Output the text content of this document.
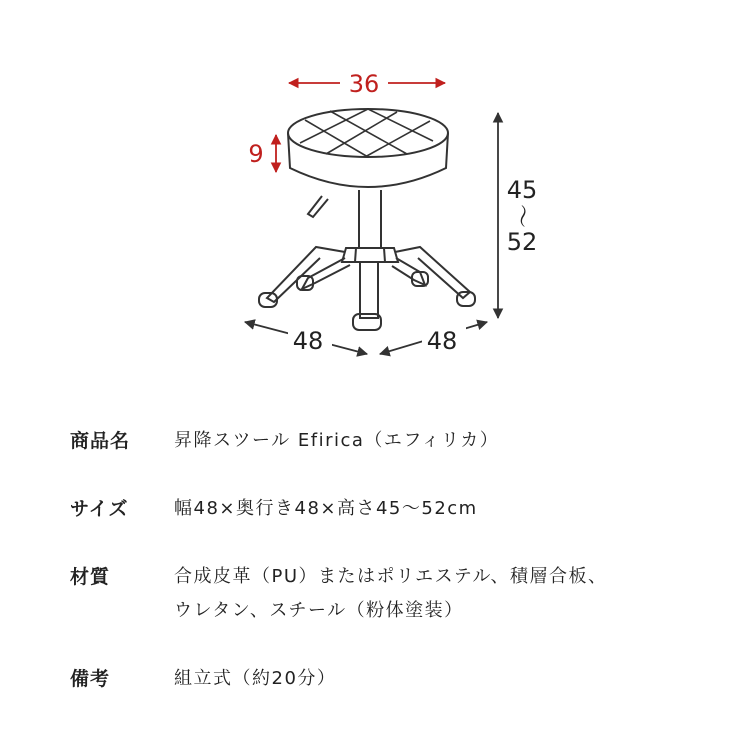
36
9
45
〜
52
48	48
商品名	昇降スツール Efirica（エフィリカ）
サイズ	幅48×奥行き48×高さ45〜52cm
材質	合成皮革（PU）またはポリエステル、積層合板、
ウレタン、スチール（粉体塗装）
備考	組立式（約20分）
